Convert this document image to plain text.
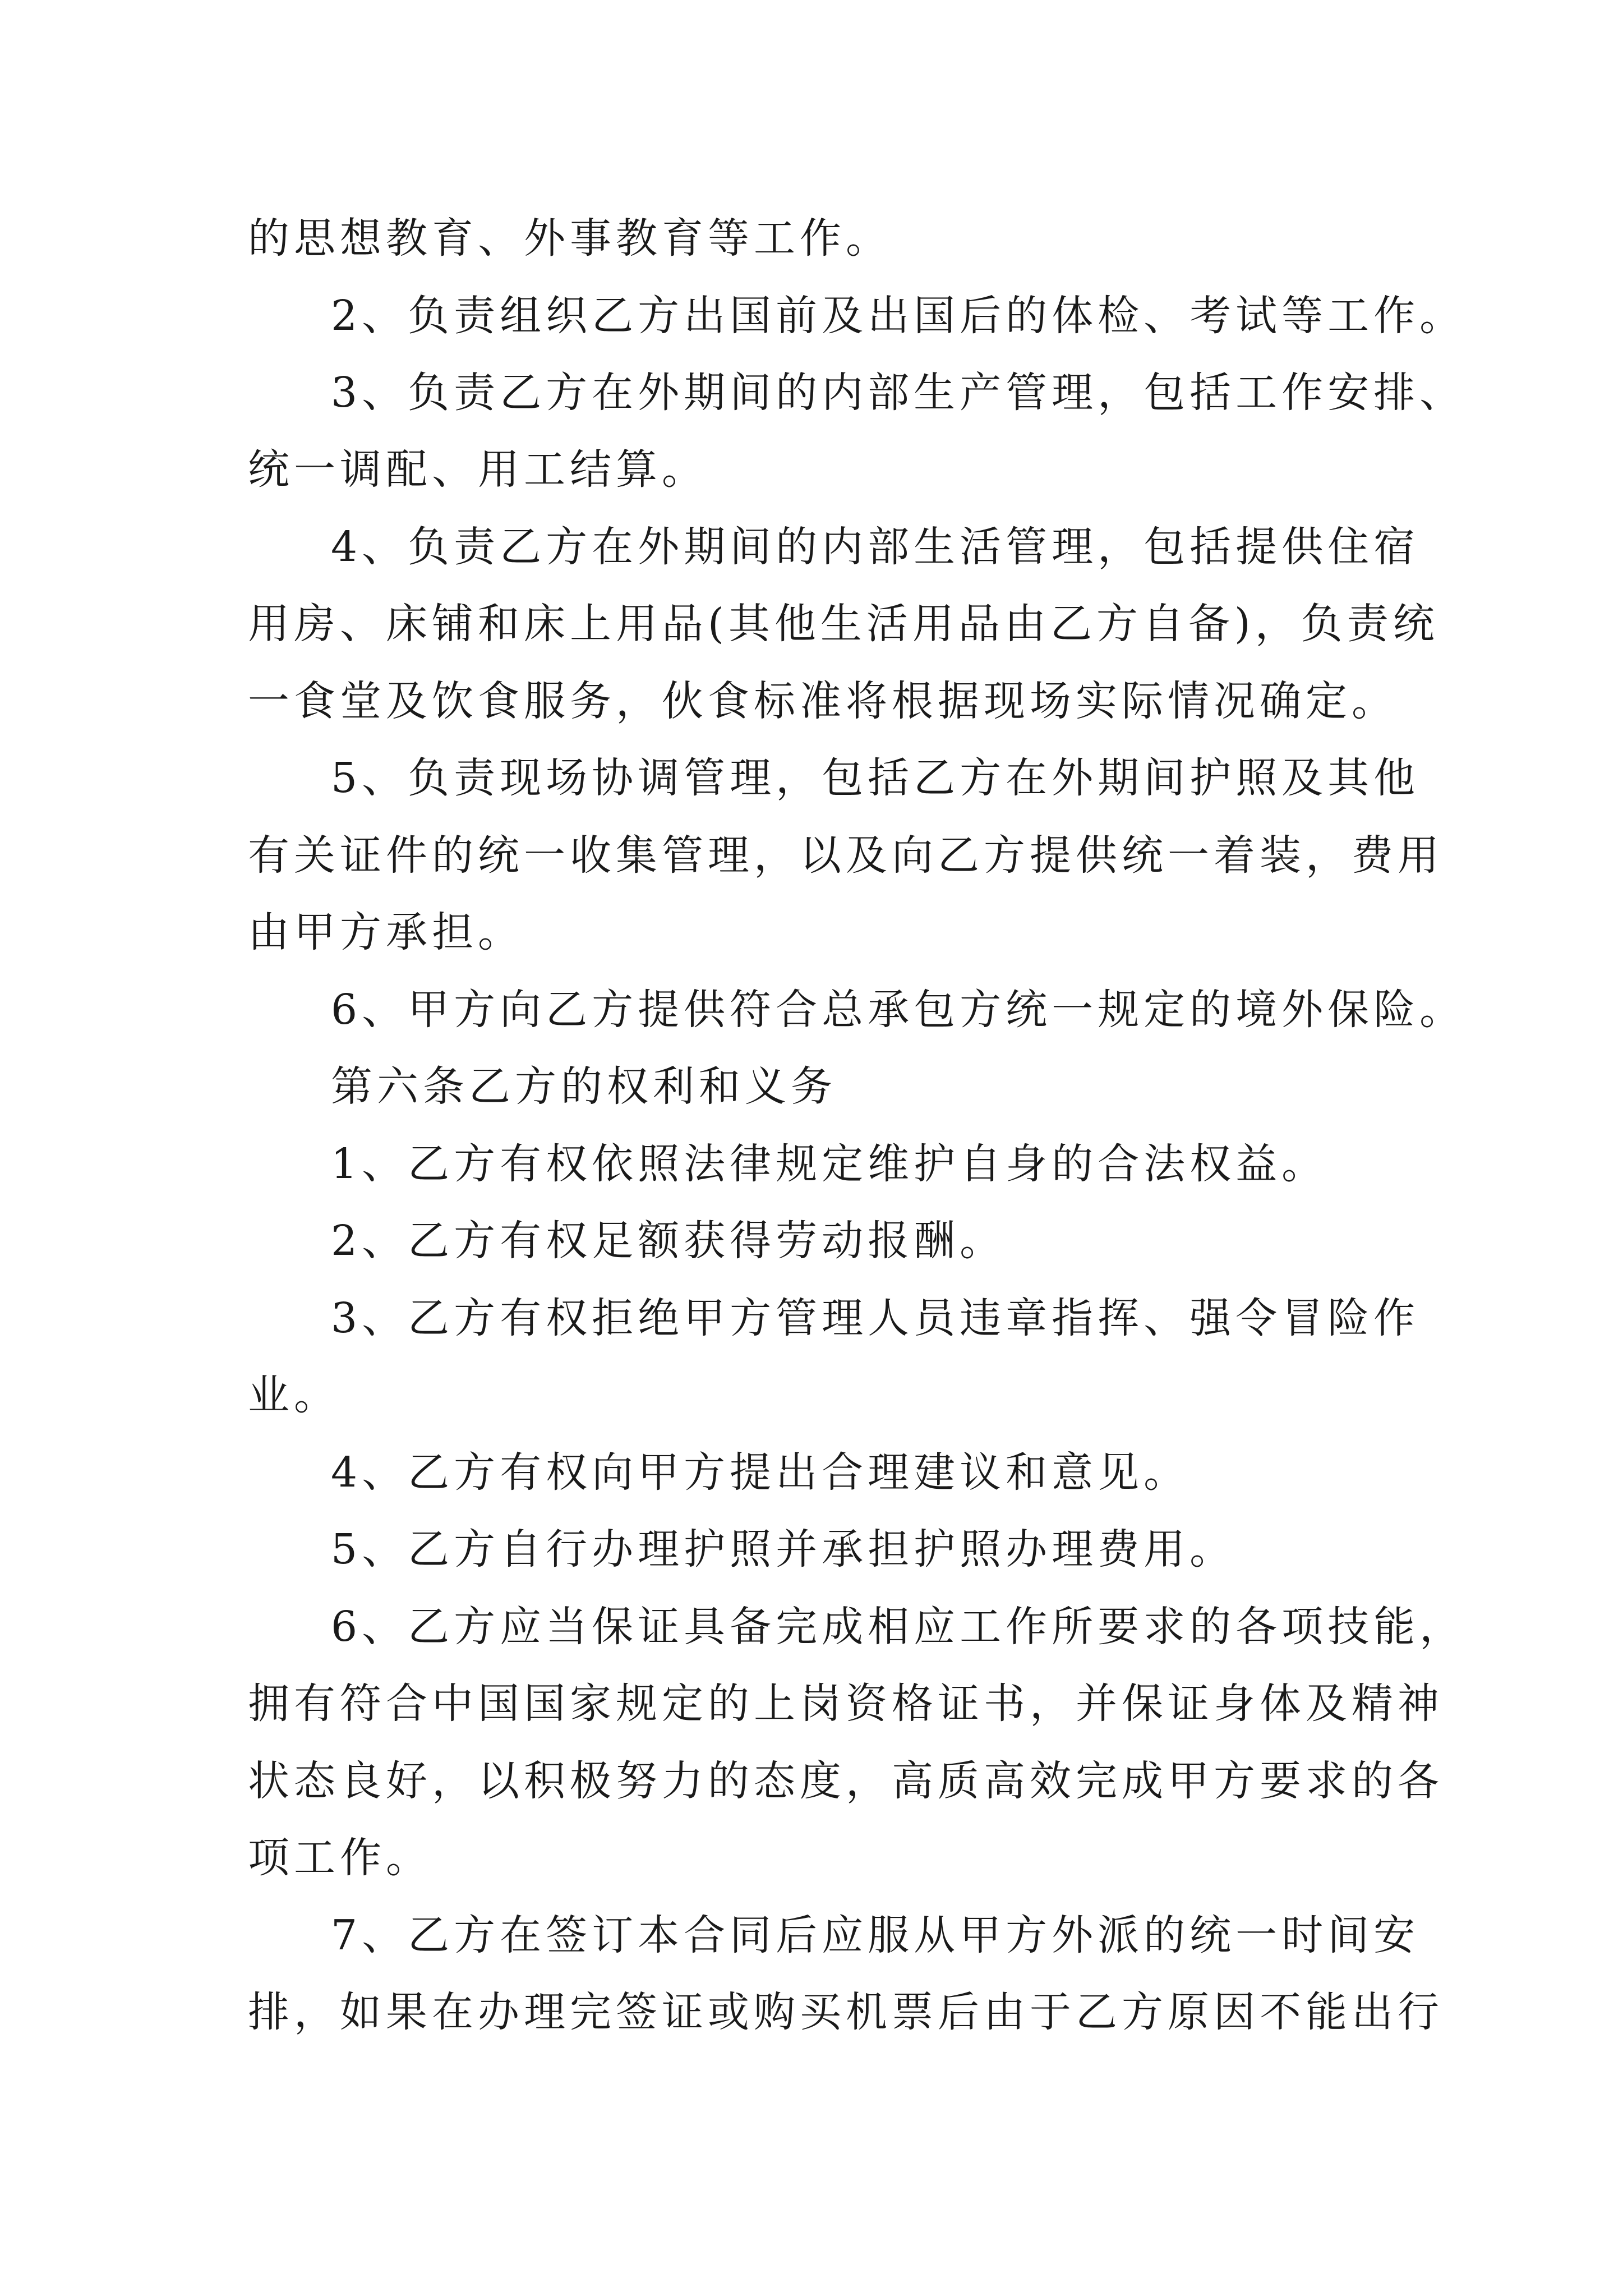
的思想教育、外事教育等工作。
2、负责组织乙方出国前及出国后的体检、考试等工作。
3、负责乙方在外期间的内部生产管理，包括工作安排、
统一调配、用工结算。
4、负责乙方在外期间的内部生活管理，包括提供住宿
用房、床铺和床上用品(其他生活用品由乙方自备)，负责统
一食堂及饮食服务，伙食标准将根据现场实际情况确定。
5、负责现场协调管理，包括乙方在外期间护照及其他
有关证件的统一收集管理，以及向乙方提供统一着装，费用
由甲方承担。
6、甲方向乙方提供符合总承包方统一规定的境外保险。
第六条乙方的权利和义务
1、乙方有权依照法律规定维护自身的合法权益。
2、乙方有权足额获得劳动报酬。
3、乙方有权拒绝甲方管理人员违章指挥、强令冒险作
业。
4、乙方有权向甲方提出合理建议和意见。
5、乙方自行办理护照并承担护照办理费用。
6、乙方应当保证具备完成相应工作所要求的各项技能，
拥有符合中国国家规定的上岗资格证书，并保证身体及精神
状态良好，以积极努力的态度，高质高效完成甲方要求的各
项工作。
7、乙方在签订本合同后应服从甲方外派的统一时间安
排，如果在办理完签证或购买机票后由于乙方原因不能出行
